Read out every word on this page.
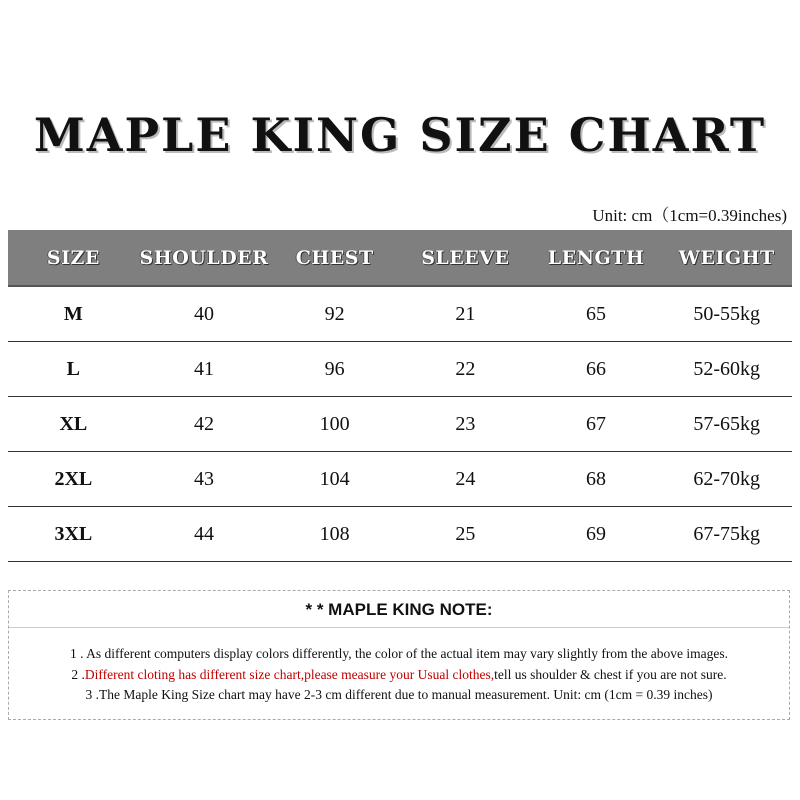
MAPLE KING SIZE CHART
Unit: cm（1cm=0.39inches)
SIZE	SHOULDER	CHEST	SLEEVE	LENGTH	WEIGHT
M	40	92	21	65	50-55kg
L	41	96	22	66	52-60kg
XL	42	100	23	67	57-65kg
2XL	43	104	24	68	62-70kg
3XL	44	108	25	69	67-75kg
* * MAPLE KING NOTE:
1 . As different computers display colors differently, the color of the actual item may vary slightly from the above images.
2 .Different cloting has different size chart,please measure your Usual clothes,tell us shoulder & chest if you are not sure.
3 .The Maple King Size chart may have 2-3 cm different due to manual measurement. Unit: cm (1cm = 0.39 inches)
